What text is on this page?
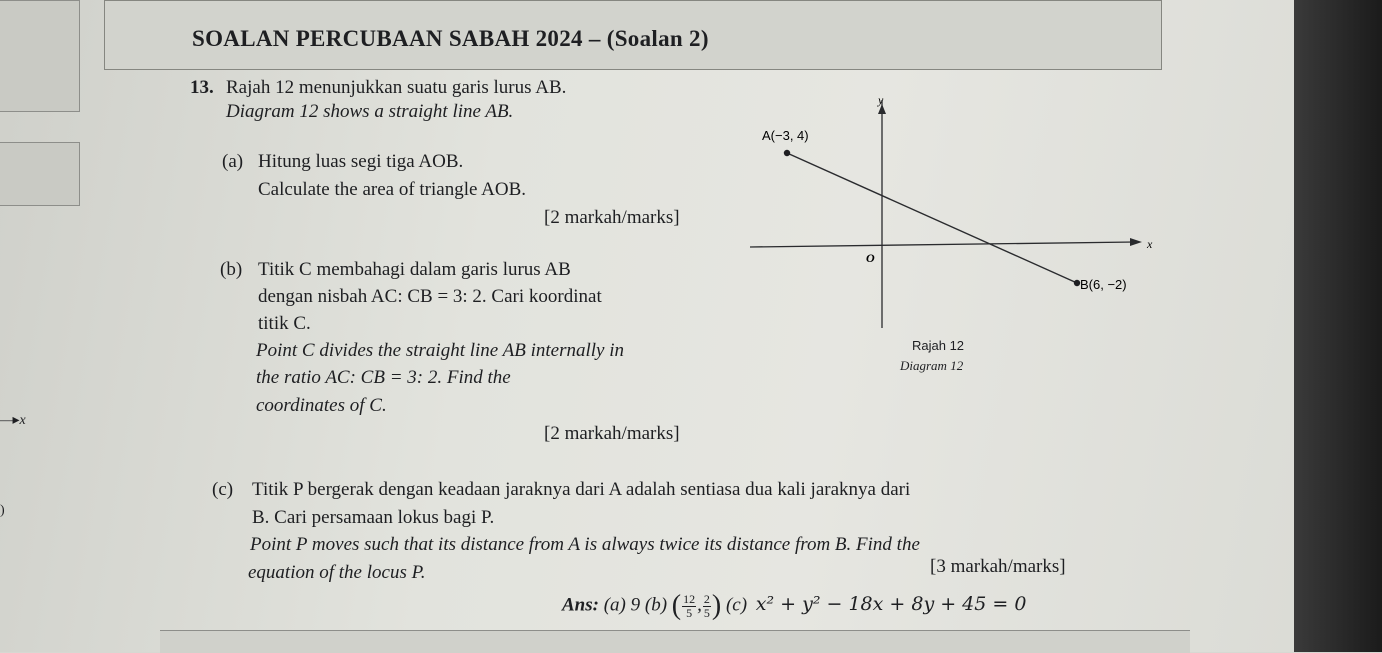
—▸x
)
SOALAN PERCUBAAN SABAH 2024 – (Soalan 2)
13. Rajah 12 menunjukkan suatu garis lurus AB.
Diagram 12 shows a straight line AB.
(a) Hitung luas segi tiga AOB.
Calculate the area of triangle AOB.
[2 markah/marks]
(b) Titik C membahagi dalam garis lurus AB
dengan nisbah AC: CB = 3: 2. Cari koordinat
titik C.
Point C divides the straight line AB internally in
the ratio AC: CB = 3: 2. Find the
coordinates of C.
[2 markah/marks]
(c) Titik P bergerak dengan keadaan jaraknya dari A adalah sentiasa dua kali jaraknya dari
B. Cari persamaan lokus bagi P.
Point P moves such that its distance from A is always twice its distance from B. Find the
equation of the locus P.	[3 markah/marks]
Ans: (a) 9 (b) ( $\frac{12}{5}$ , $\frac{2}{5}$ ) (c) x² + y² − 18x + 8y + 45 = 0
y
x
O
A(−3, 4)
B(6, −2)
Rajah 12
Diagram 12
